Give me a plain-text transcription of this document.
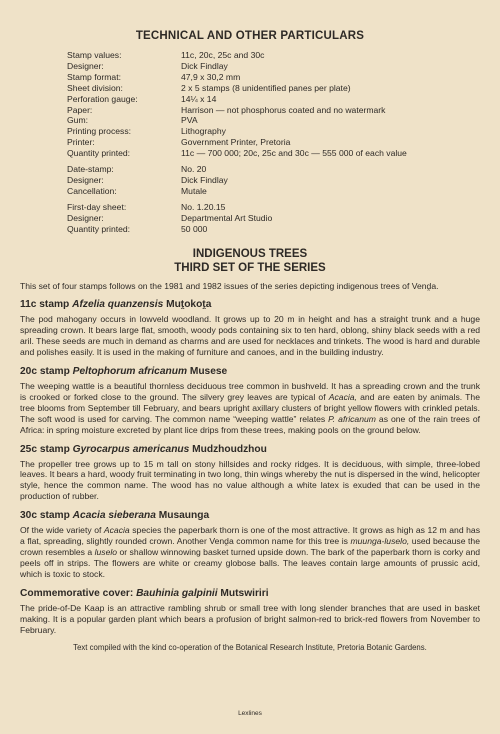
TECHNICAL AND OTHER PARTICULARS
Stamp values:	11c, 20c, 25c and 30c
Designer:	Dick Findlay
Stamp format:	47,9 x 30,2 mm
Sheet division:	2 x 5 stamps (8 unidentified panes per plate)
Perforation gauge:	14¼ x 14
Paper:	Harrison — not phosphorus coated and no watermark
Gum:	PVA
Printing process:	Lithography
Printer:	Government Printer, Pretoria
Quantity printed:	11c — 700 000; 20c, 25c and 30c — 555 000 of each value
Date-stamp:	No. 20
Designer:	Dick Findlay
Cancellation:	Mutale
First-day sheet:	No. 1.20.15
Designer:	Departmental Art Studio
Quantity printed:	50 000
INDIGENOUS TREES
THIRD SET OF THE SERIES
This set of four stamps follows on the 1981 and 1982 issues of the series depicting indigenous trees of Venḓa.
11c stamp Afzelia quanzensis Muṱokoṱa
The pod mahogany occurs in lowveld woodland. It grows up to 20 m in height and has a straight trunk and a huge spreading crown. It bears large flat, smooth, woody pods containing six to ten hard, oblong, shiny black seeds with a red aril. These seeds are much in demand as charms and are used for necklaces and trinkets. The wood is hard and durable and polishes easily. It is used in the making of furniture and canoes, and in the building industry.
20c stamp Peltophorum africanum Musese
The weeping wattle is a beautiful thornless deciduous tree common in bushveld. It has a spreading crown and the trunk is crooked or forked close to the ground. The silvery grey leaves are typical of Acacia, and are eaten by animals. The tree blooms from September till February, and bears upright axillary clusters of bright yellow flowers with crinkled petals. The soft wood is used for carving. The common name “weeping wattle” relates P. africanum as one of the rain trees of Africa: in spring moisture excreted by plant lice drips from these trees, making pools on the ground below.
25c stamp Gyrocarpus americanus Mudzhoudzhou
The propeller tree grows up to 15 m tall on stony hillsides and rocky ridges. It is deciduous, with simple, three-lobed leaves. It bears a hard, woody fruit terminating in two long, thin wings whereby the nut is dispersed in the wind, helicopter style, hence the common name. The wood has no value although a white latex is exuded that can be used in the production of rubber.
30c stamp Acacia sieberana Musaunga
Of the wide variety of Acacia species the paperbark thorn is one of the most attractive. It grows as high as 12 m and has a flat, spreading, slightly rounded crown. Another Venḓa common name for this tree is muunga-luselo, used because the crown resembles a luselo or shallow winnowing basket turned upside down. The bark of the paperbark thorn is corky and peels off in strips. The flowers are white or creamy globose balls. The leaves contain large amounts of prussic acid, which is toxic to stock.
Commemorative cover: Bauhinia galpinii Mutswiriri
The pride-of-De Kaap is an attractive rambling shrub or small tree with long slender branches that are used in basket making. It is a popular garden plant which bears a profusion of bright salmon-red to brick-red flowers from November to February.
Text compiled with the kind co-operation of the Botanical Research Institute, Pretoria Botanic Gardens.
Lexlines
